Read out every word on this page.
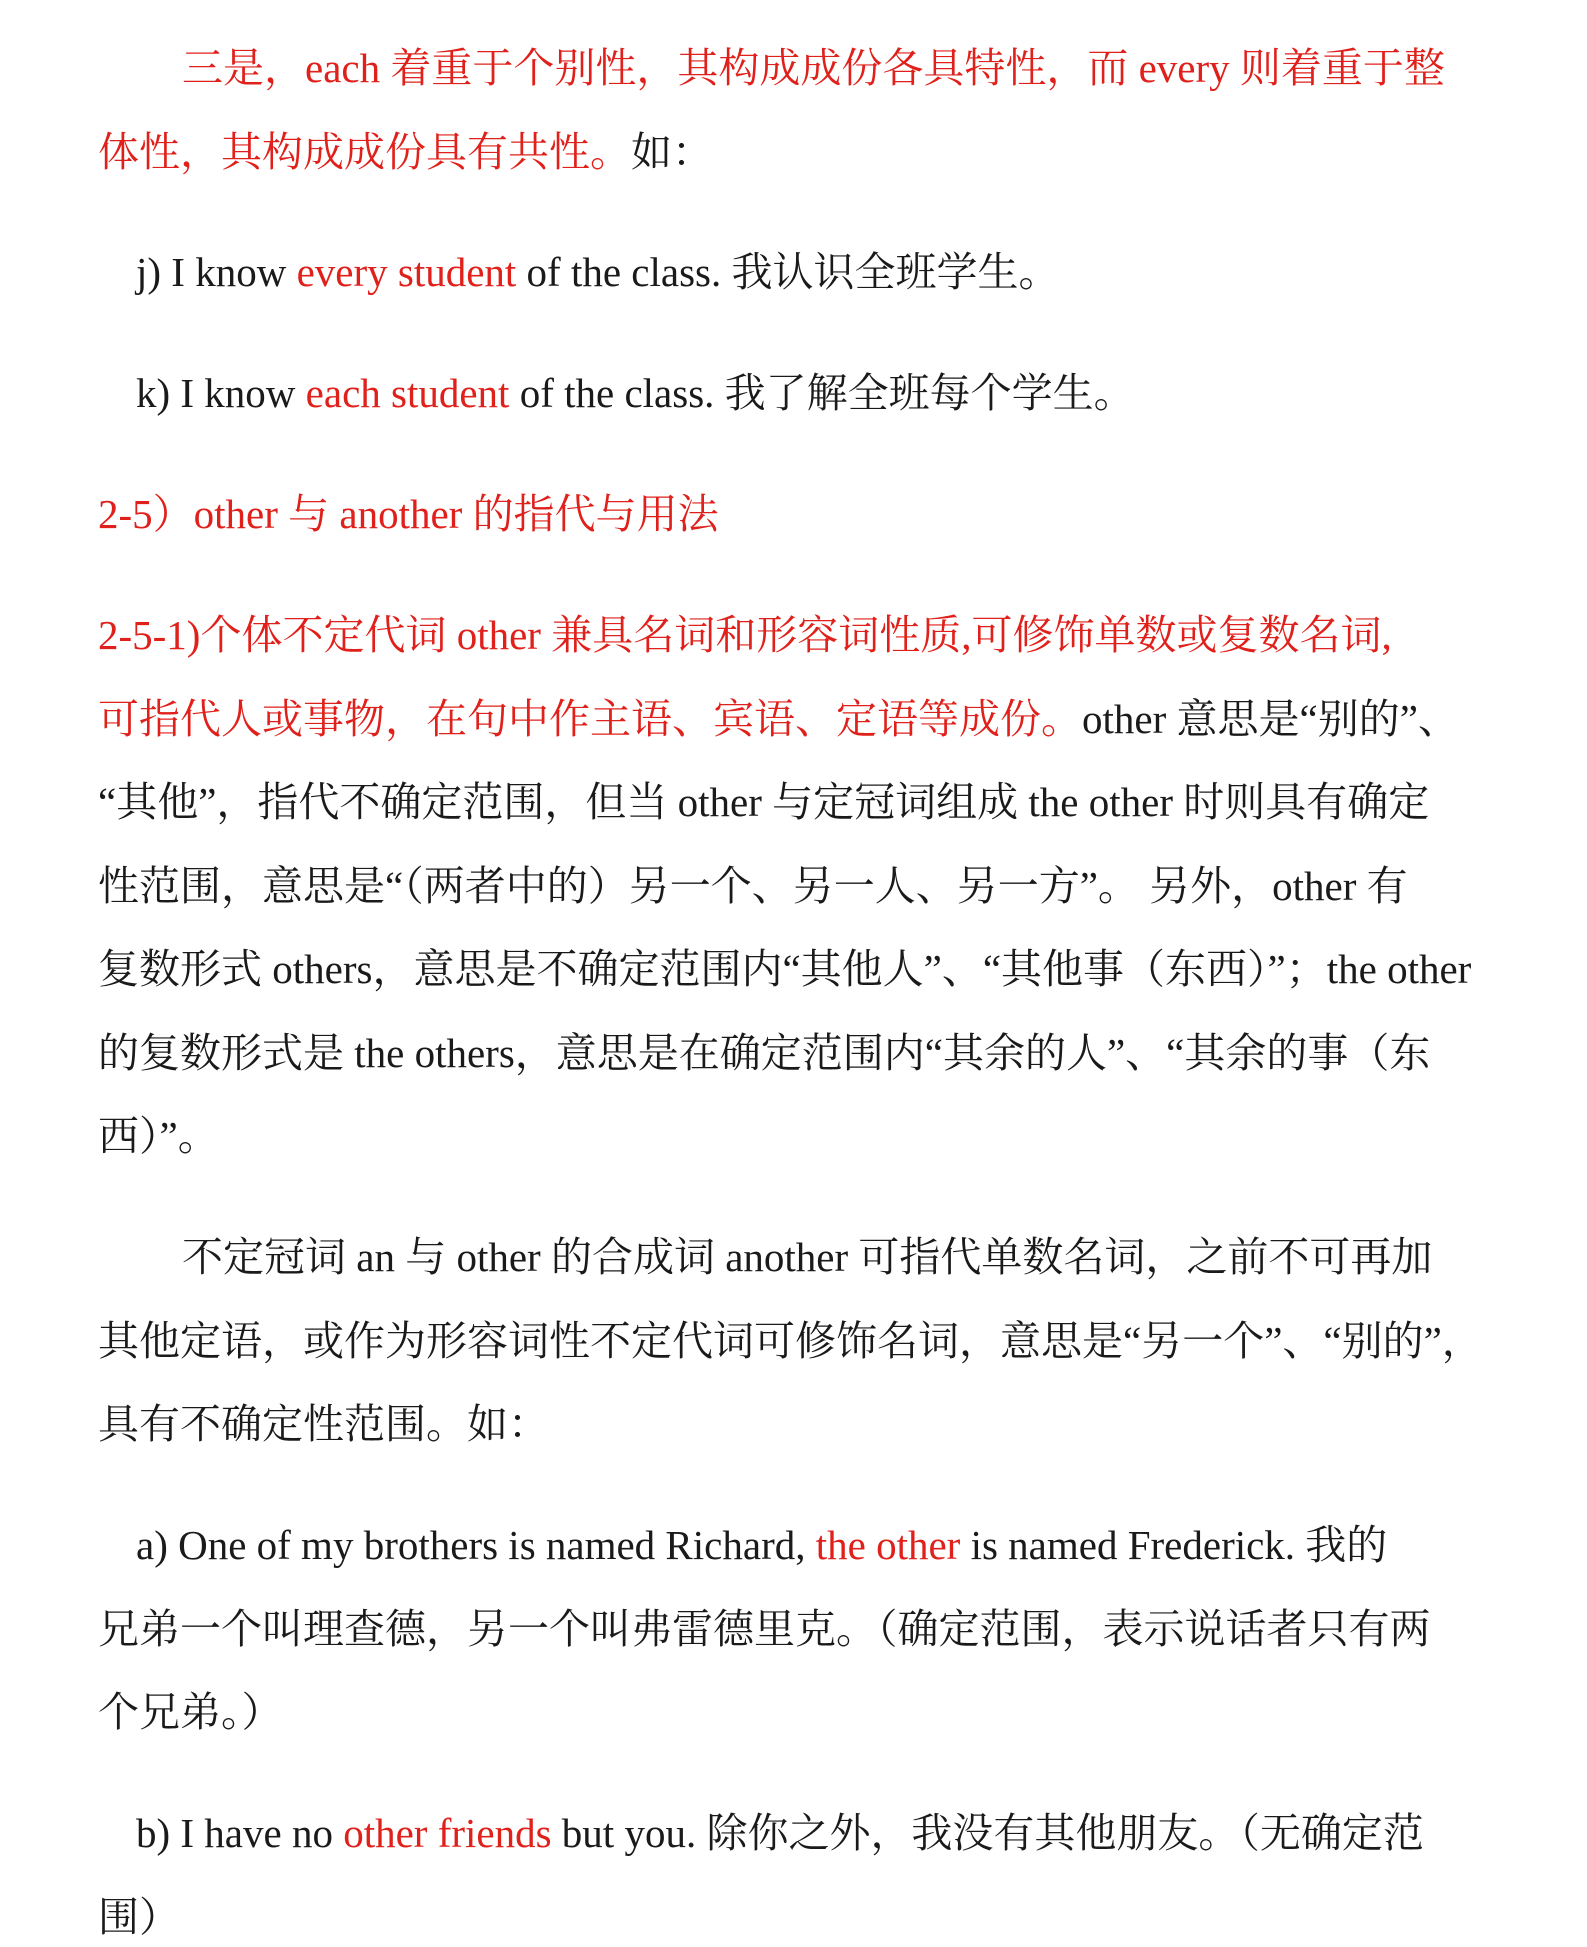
三是，each 着重于个别性，其构成成份各具特性，而 every 则着重于整
体性，其构成成份具有共性。如：
j) I know every student of the class. 我认识全班学生。
k) I know each student of the class. 我了解全班每个学生。
2-5）other 与 another 的指代与用法
2-5-1)个体不定代词 other 兼具名词和形容词性质,可修饰单数或复数名词,
可指代人或事物，在句中作主语、宾语、定语等成份。other 意思是“别的”、
“其他”，指代不确定范围，但当 other 与定冠词组成 the other 时则具有确定
性范围，意思是“（两者中的）另一个、另一人、另一方”。 另外，other 有
复数形式 others，意思是不确定范围内“其他人”、“其他事（东西）”；the other
的复数形式是 the others，意思是在确定范围内“其余的人”、“其余的事（东
西）”。
不定冠词 an 与 other 的合成词 another 可指代单数名词，之前不可再加
其他定语，或作为形容词性不定代词可修饰名词，意思是“另一个”、“别的”，
具有不确定性范围。如：
a) One of my brothers is named Richard, the other is named Frederick. 我的
兄弟一个叫理查德，另一个叫弗雷德里克。（确定范围，表示说话者只有两
个兄弟。）
b) I have no other friends but you. 除你之外，我没有其他朋友。（无确定范
围）
